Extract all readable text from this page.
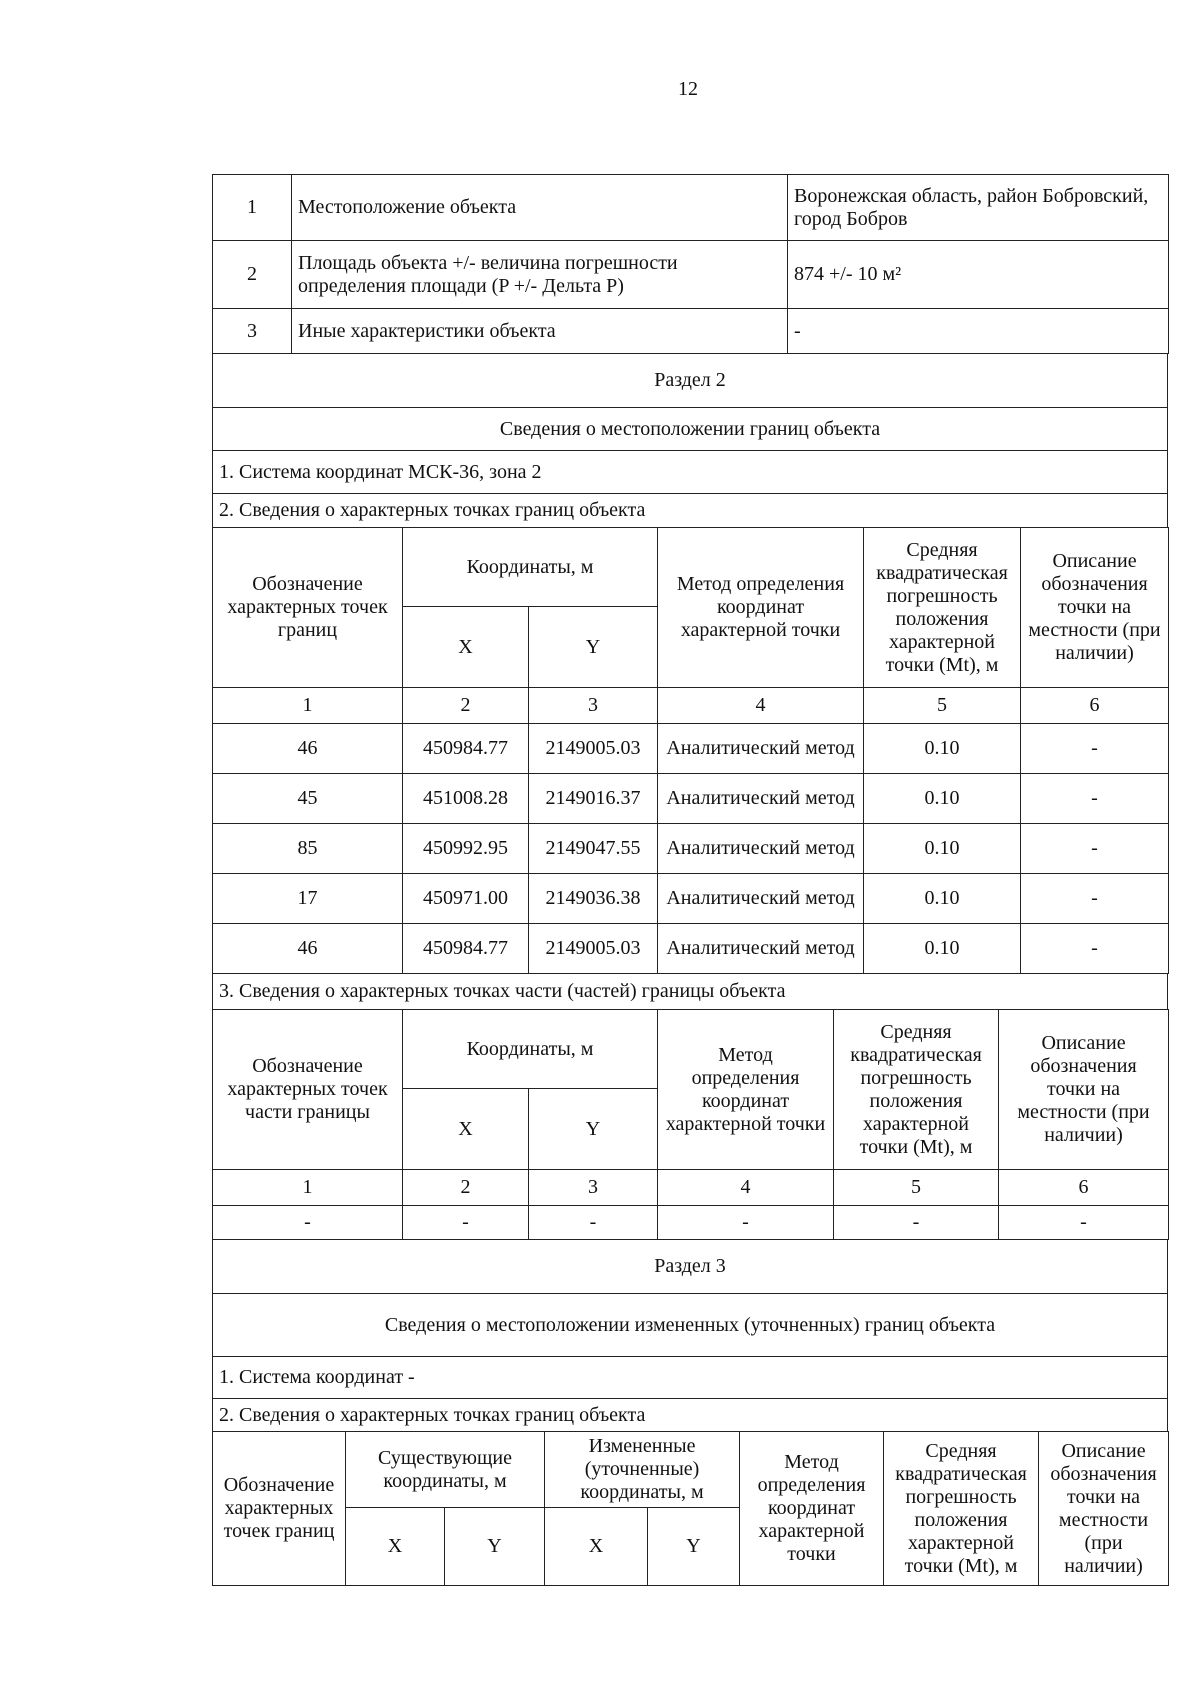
12
1	Местоположение объекта	Воронежская область, район Бобровский, город Бобров
2	Площадь объекта +/- величина погрешности определения площади (P +/- Дельта P)	874 +/- 10 м²
3	Иные характеристики объекта	-
Раздел 2
Сведения о местоположении границ объекта
1. Система координат МСК-36, зона 2
2. Сведения о характерных точках границ объекта
Обозначение характерных точек границ	Координаты, м		Метод определения координат характерной точки	Средняя квадратическая погрешность положения характерной точки (Mt), м	Описание обозначения точки на местности (при наличии)
	X	Y			
1	2	3	4	5	6
46	450984.77	2149005.03	Аналитический метод	0.10	-
45	451008.28	2149016.37	Аналитический метод	0.10	-
85	450992.95	2149047.55	Аналитический метод	0.10	-
17	450971.00	2149036.38	Аналитический метод	0.10	-
46	450984.77	2149005.03	Аналитический метод	0.10	-
3. Сведения о характерных точках части (частей) границы объекта
Обозначение характерных точек части границы	Координаты, м		Метод определения координат характерной точки	Средняя квадратическая погрешность положения характерной точки (Mt), м	Описание обозначения точки на местности (при наличии)
	X	Y			
1	2	3	4	5	6
-	-	-	-	-	-
Раздел 3
Сведения о местоположении измененных (уточненных) границ объекта
1. Система координат -
2. Сведения о характерных точках границ объекта
Обозначение характерных точек границ	Существующие координаты, м		Измененные (уточненные) координаты, м		Метод определения координат характерной точки	Средняя квадратическая погрешность положения характерной точки (Mt), м	Описание обозначения точки на местности (при наличии)
	X	Y	X	Y			
